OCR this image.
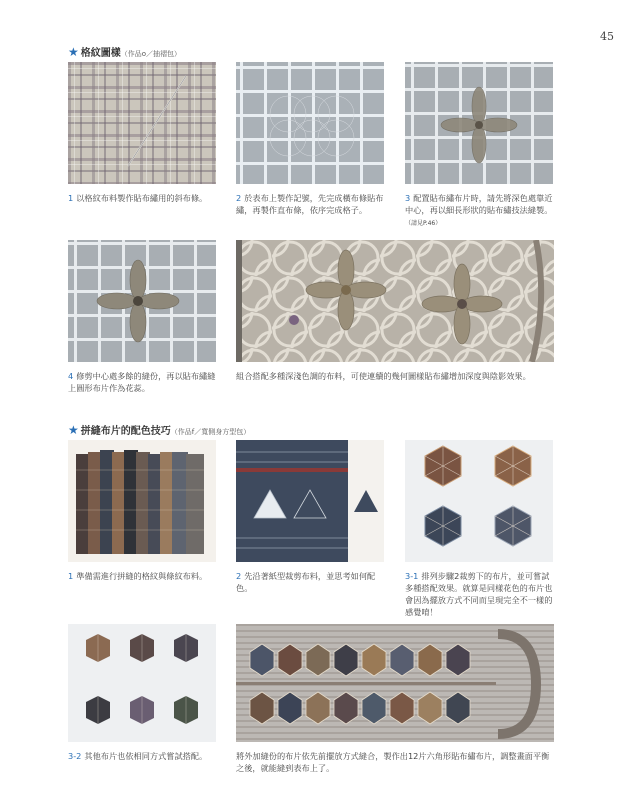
45
★ 格紋圖樣（作品o／抽褶包）
1 以格紋布料製作貼布繡用的斜布條。	2 於表布上製作記號，先完成橫布條貼布繡，再製作直布條，依序完成格子。
3 配置貼布繡布片時，請先將深色處靠近中心，再以細長形狀的貼布繡技法縫製。（請見P.46）
4 修剪中心處多餘的縫份，再以貼布繡縫上圓形布片作為花蕊。
組合搭配多種深淺色調的布料，可使連續的幾何圖樣貼布繡增加深度與陰影效果。
★ 拼縫布片的配色技巧（作品f／寬側身方型包）
1 準備需進行拼縫的格紋與條紋布料。	2 先沿著紙型裁剪布料，並思考如何配色。
3-1 排列步驟2裁剪下的布片，並可嘗試多種搭配效果。就算是同樣花色的布片也會因為擺放方式不同而呈現完全不一樣的感覺唷！
3-2 其他布片也依相同方式嘗試搭配。	將外加縫份的布片依先前擺放方式縫合，製作出12片六角形貼布繡布片，調整畫面平衡之後，就能縫到表布上了。
